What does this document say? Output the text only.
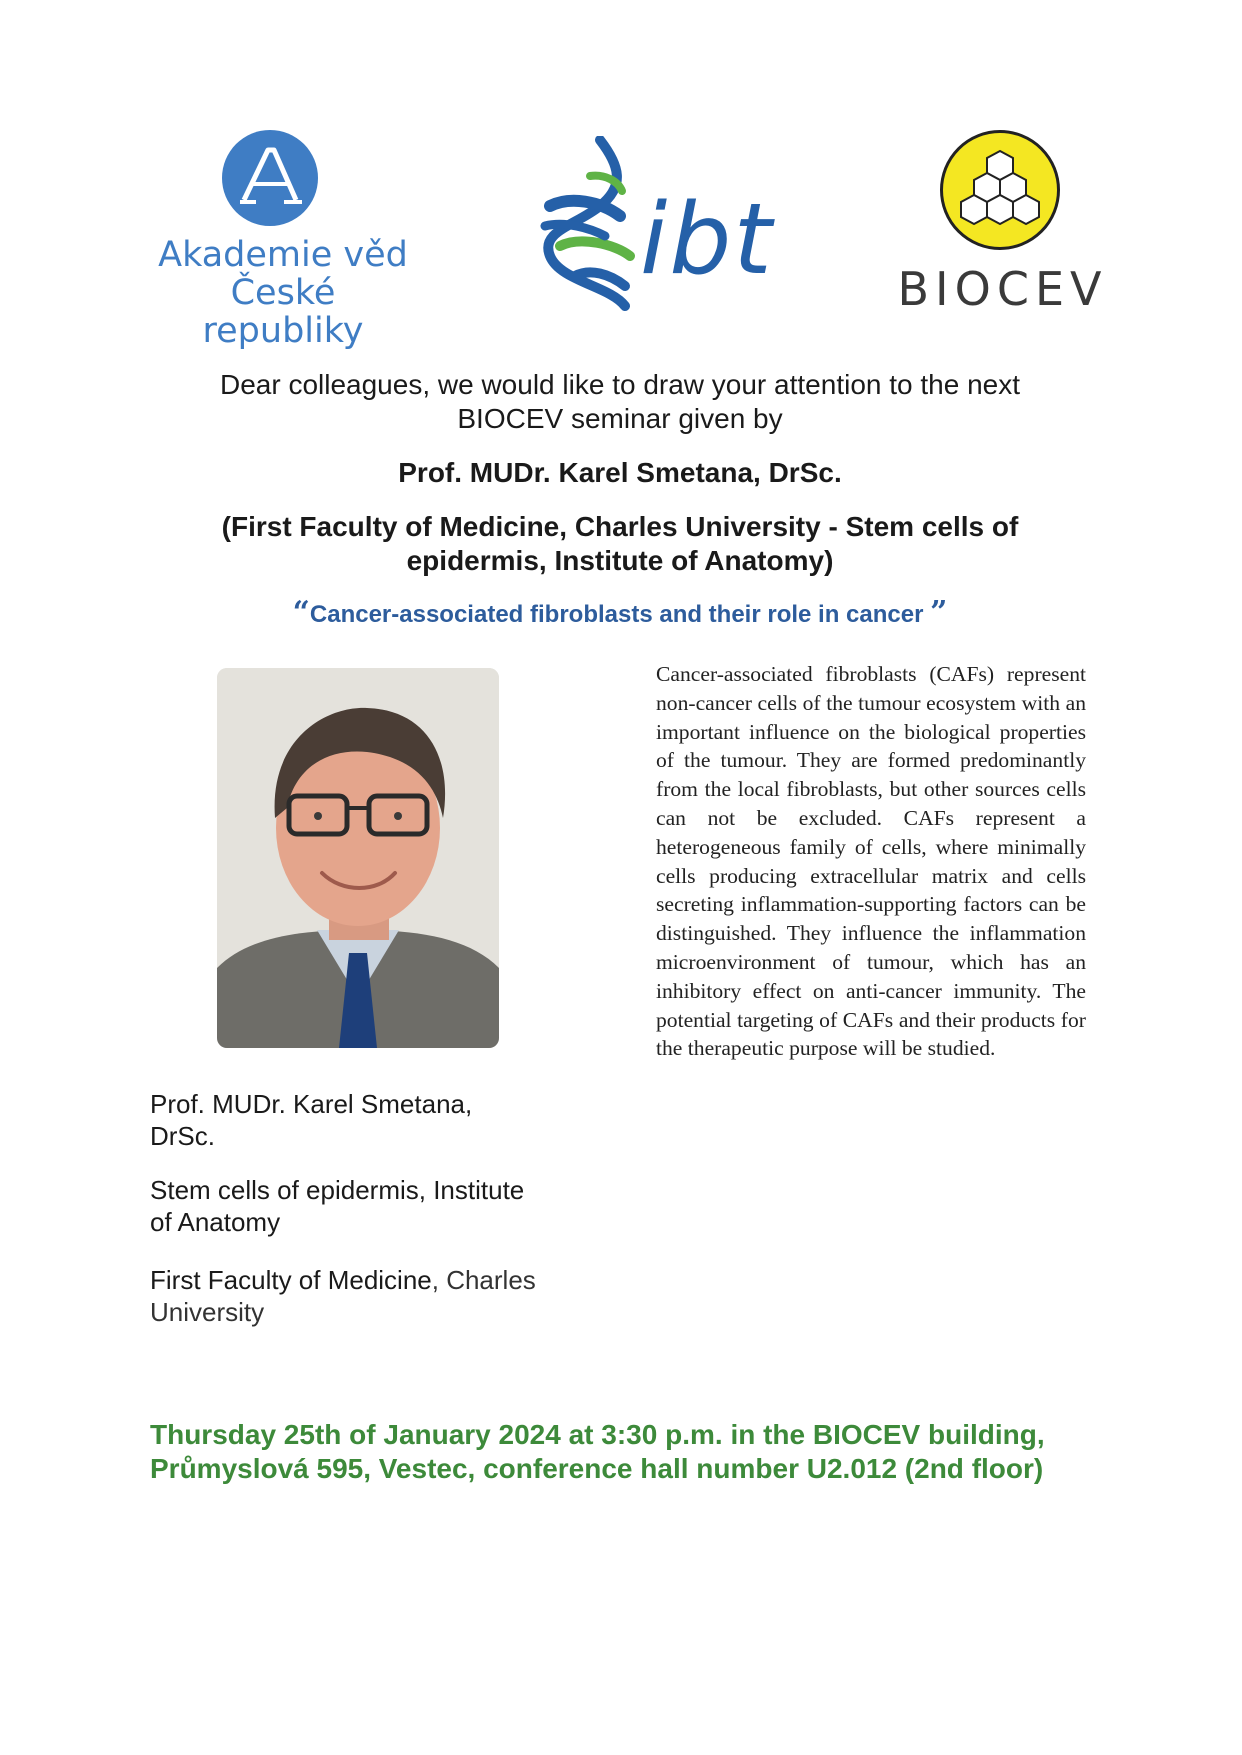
Akademie věd
České republiky
ibt	BIOCEV
Dear colleagues, we would like to draw your attention to the next
BIOCEV seminar given by
Prof. MUDr. Karel Smetana, DrSc.
(First Faculty of Medicine, Charles University - Stem cells of
epidermis, Institute of Anatomy)
“Cancer-associated fibroblasts and their role in cancer ”
Prof. MUDr. Karel Smetana,
DrSc.
Stem cells of epidermis, Institute
of Anatomy
First Faculty of Medicine, Charles
University
Cancer-associated fibroblasts (CAFs) represent non-cancer cells of the tumour ecosystem with an important influence on the biological properties of the tumour. They are formed predominantly from the local fibroblasts, but other sources cells can not be excluded. CAFs represent a heterogeneous family of cells, where minimally cells producing extracellular matrix and cells secreting inflammation-supporting factors can be distinguished. They influence the inflammation microenvironment of tumour, which has an inhibitory effect on anti-cancer immunity. The potential targeting of CAFs and their products for the therapeutic purpose will be studied.
Thursday 25th of January 2024 at 3:30 p.m. in the BIOCEV building,
Průmyslová 595, Vestec, conference hall number U2.012 (2nd floor)
